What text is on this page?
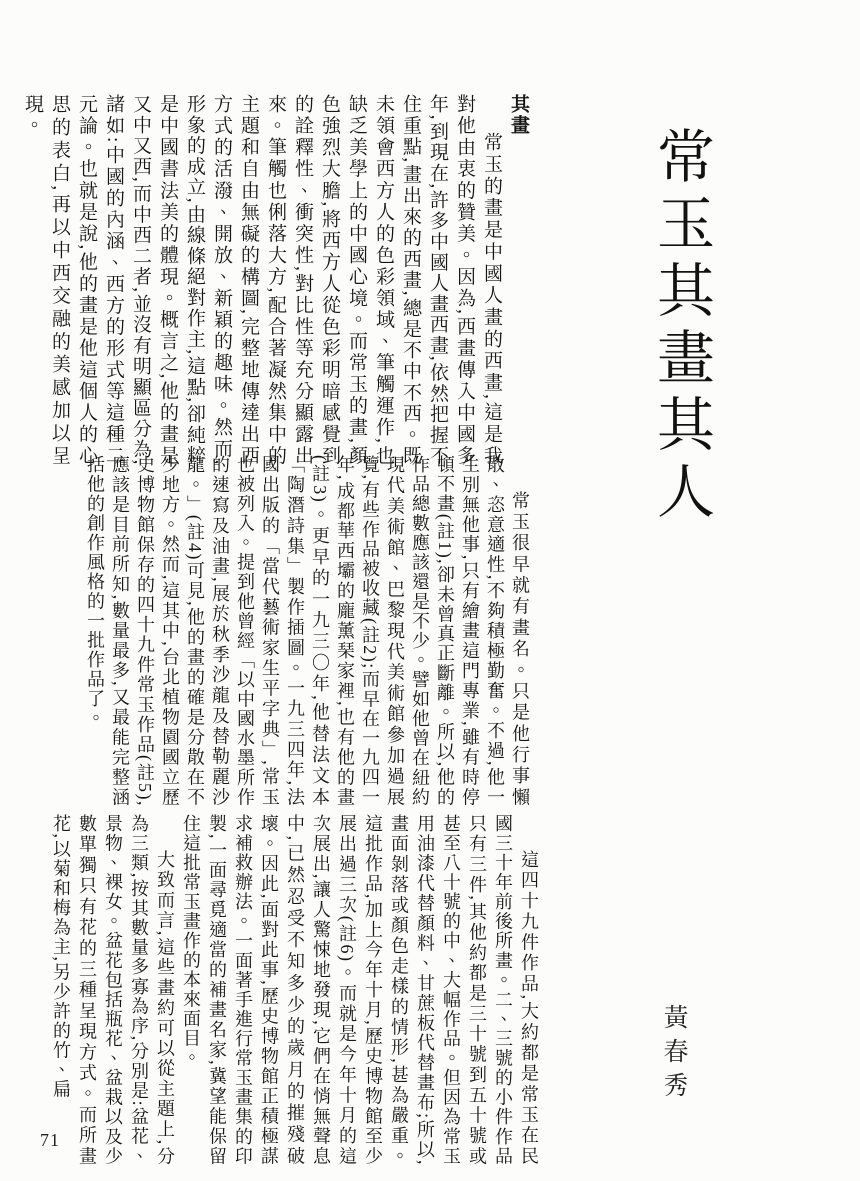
常玉其畫其人
黃春秀
其畫

常玉的畫是中國人畫的西畫,這是我對他由衷的贊美。因為,西畫傳入中國多年,到現在,許多中國人畫西畫,依然把握不住重點,畫出來的西畫,總是不中不西。既未領會西方人的色彩領域、筆觸運作,也缺乏美學上的中國心境。而常玉的畫,顏色強烈大膽,將西方人從色彩明暗感覺到的詮釋性、衝突性,對比性等充分顯露出來。筆觸也俐落大方,配合著凝然集中的主題和自由無礙的構圖,完整地傳達出西方式的活潑、開放、新穎的趣味。然而,形象的成立,由線條絕對作主,這點,卻純粹是中國書法美的體現。概言之,他的畫是又中又西,而中西二者,並沒有明顯區分為,諸如:中國的內涵、西方的形式等這種二元論。也就是說,他的畫是他這個人的心思的表白,再以中西交融的美感加以呈現。

常玉很早就有畫名。只是他行事懶散、恣意適性,不夠積極勤奮。不過,他一生別無他事,只有繪畫這門專業,雖有時停頓不畫(註1),卻未曾真正斷離。所以,他的作品總數應該還是不少。譬如他曾在紐約現代美術館、巴黎現代美術館參加過展覽,有些作品被收藏(註2);而早在一九四一年,成都華西壩的龐薰琹家裡,也有他的畫(註3)。更早的一九三〇年,他替法文本「陶潛詩集」製作插圖。一九三四年,法國出版的「當代藝術家生平字典」,常玉也被列入。提到他曾經「以中國水墨所作的速寫及油畫,展於秋季沙龍及替勒麗沙龍。」(註4)可見,他的畫的確是分散在不少地方。然而,這其中,台北植物園國立歷史博物館保存的四十九件常玉作品(註5),應該是目前所知,數量最多,又最能完整涵括他的創作風格的一批作品了。

這四十九件作品,大約都是常玉在民國三十年前後所畫。二、三號的小件作品只有三件,其他約都是三十號到五十號或甚至八十號的中、大幅作品。但因為常玉用油漆代替顏料、甘蔗板代替畫布;所以,畫面剝落或顏色走樣的情形,甚為嚴重。這批作品,加上今年十月,歷史博物館至少展出過三次(註6)。而就是今年十月的這次展出,讓人驚悚地發現,它們在悄無聲息中,已然忍受不知多少的歲月的摧殘破壞。因此,面對此事,歷史博物館正積極謀求補救辦法。一面著手進行常玉畫集的印製,一面尋覓適當的補畫名家,冀望能保留住這批常玉畫作的本來面目。

大致而言,這些畫約可以從主題上,分為三類,按其數量多寡為序,分別是:盆花、景物、裸女。盆花包括瓶花、盆栽以及少數單獨只有花的三種呈現方式。而所畫花,以菊和梅為主,另少許的竹、扁

71
